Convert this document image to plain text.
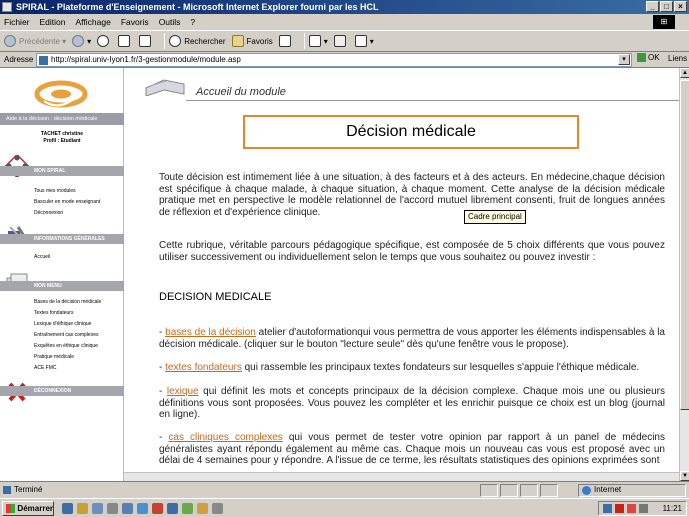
SPIRAL - Plateforme d'Enseignement - Microsoft Internet Explorer fourni par les HCL	_	□	×
Fichier Edition Affichage Favoris Outils ?	⊞
Précédente ▾	▾	Rechercher	Favoris	▾	▾
Adresse	http://spiral.univ-lyon1.fr/3-gestionmodule/module.asp	▾	OK Liens
Aide à la décision : décision médicale
TACHET christine
Profil : Etudiant
MON SPIRAL
Tous mes modules
Basculer en mode enseignant
Déconnexion
INFORMATIONS GÉNÉRALES
Accueil
MON MENU
Bases de la décision médicale
Textes fondateurs
Lexique d'éthique clinique
Entraînement cas complexes
Exquêtes en éthique clinique
Pratique médicale
ACE FMC
DÉCONNEXION
Accueil du module
Décision médicale
Toute décision est intimement liée à une situation, à des facteurs et à des acteurs. En médecine,chaque décision est spécifique à chaque malade, à chaque situation, à chaque moment. Cette analyse de la décision médicale pratique met en perspective le modèle relationnel de l'accord mutuel librement consenti, fruit de longues années de réflexion et d'expérience clinique.	Cadre principal
Cette rubrique, véritable parcours pédagogique spécifique, est composée de 5 choix différents que vous pouvez utiliser successivement ou individuellement selon le temps que vous souhaitez ou pouvez investir :
DECISION MEDICALE
- bases de la décision atelier d'autoformationqui vous permettra de vous apporter les éléments indispensables à la décision médicale. (cliquer sur le bouton "lecture seule" dès qu'une fenêtre vous le propose).
- textes fondateurs qui rassemble les principaux textes fondateurs sur lesquelles s'appuie l'éthique médicale.
- lexique qui définit les mots et concepts principaux de la décision complexe. Chaque mois une ou plusieurs définitions vous sont proposées. Vous pouvez les compléter et les enrichir puisque ce choix est un blog (journal en ligne).
- cas cliniques complexes qui vous permet de tester votre opinion par rapport à un panel de médecins généralistes ayant répondu également au même cas. Chaque mois un nouveau cas vous est proposé avec un délai de 4 semaines pour y répondre. A l'issue de ce terme, les résultats statistiques des opinions exprimées sont
▲
▼
Terminé	Internet
Démarrer	11:21
